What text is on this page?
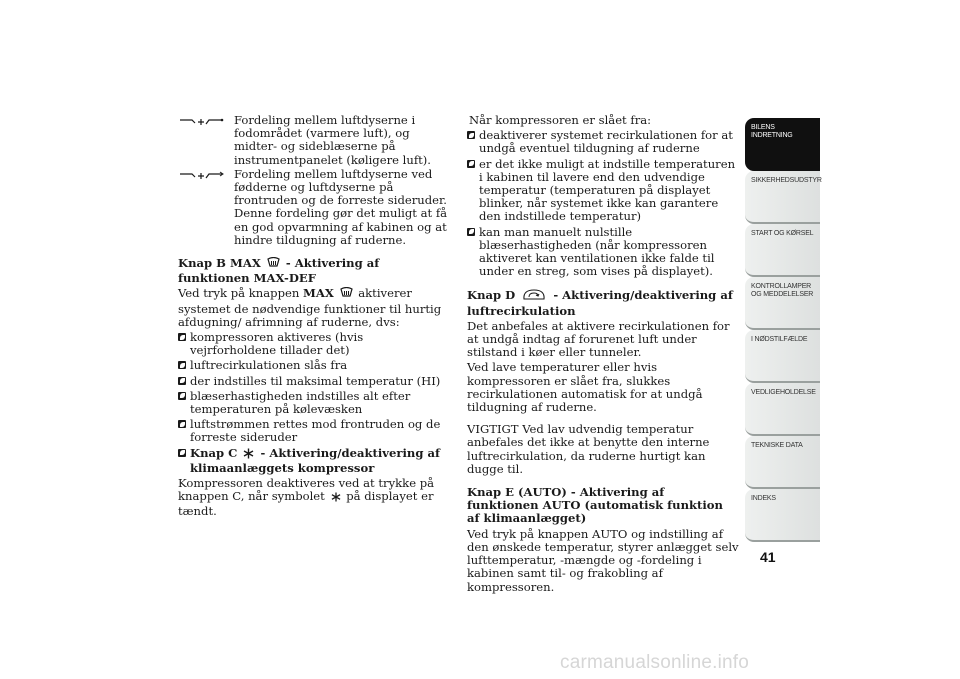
Fordeling mellem luftdyserne i fodområdet (varmere luft), og midter- og sideblæserne på instrumentpanelet (køligere luft).
Fordeling mellem luftdyserne ved fødderne og luftdyserne på frontruden og de forreste sideruder. Denne fordeling gør det muligt at få en god opvarmning af kabinen og at hindre tildugning af ruderne.
Knap B MAX - Aktivering af funktionen MAX-DEF
Ved tryk på knappen MAX aktiverer systemet de nødvendige funktioner til hurtig afdugning/ afrimning af ruderne, dvs:
kompressoren aktiveres (hvis vejrforholdene tillader det)
luftrecirkulationen slås fra
der indstilles til maksimal temperatur (HI)
blæserhastigheden indstilles alt efter temperaturen på kølevæsken
luftstrømmen rettes mod frontruden og de forreste sideruder
Knap C - Aktivering/deaktivering af klimaanlæggets kompressor
Kompressoren deaktiveres ved at trykke på knappen C, når symbolet på displayet er tændt.
Når kompressoren er slået fra:
deaktiverer systemet recirkulationen for at undgå eventuel tildugning af ruderne
er det ikke muligt at indstille temperaturen i kabinen til lavere end den udvendige temperatur (temperaturen på displayet blinker, når systemet ikke kan garantere den indstillede temperatur)
kan man manuelt nulstille blæserhastigheden (når kompressoren aktiveret kan ventilationen ikke falde til under en streg, som vises på displayet).
Knap D	- Aktivering/deaktivering af luftrecirkulation
Det anbefales at aktivere recirkulationen for at undgå indtag af forurenet luft under stilstand i køer eller tunneler.
Ved lave temperaturer eller hvis kompressoren er slået fra, slukkes recirkulationen automatisk for at undgå tildugning af ruderne.
VIGTIGT Ved lav udvendig temperatur anbefales det ikke at benytte den interne luftrecirkulation, da ruderne hurtigt kan dugge til.
Knap E (AUTO) - Aktivering af funktionen AUTO (automatisk funktion af klimaanlægget)
Ved tryk på knappen AUTO og indstilling af den ønskede temperatur, styrer anlægget selv lufttemperatur, -mængde og -fordeling i kabinen samt til- og frakobling af kompressoren.
BILENS
INDRETNING
SIKKERHEDSUDSTYR
START OG KØRSEL
KONTROLLAMPER
OG MEDDELELSER
I NØDSTILFÆLDE
VEDLIGEHOLDELSE
TEKNISKE DATA
INDEKS
41
carmanualsonline.info
